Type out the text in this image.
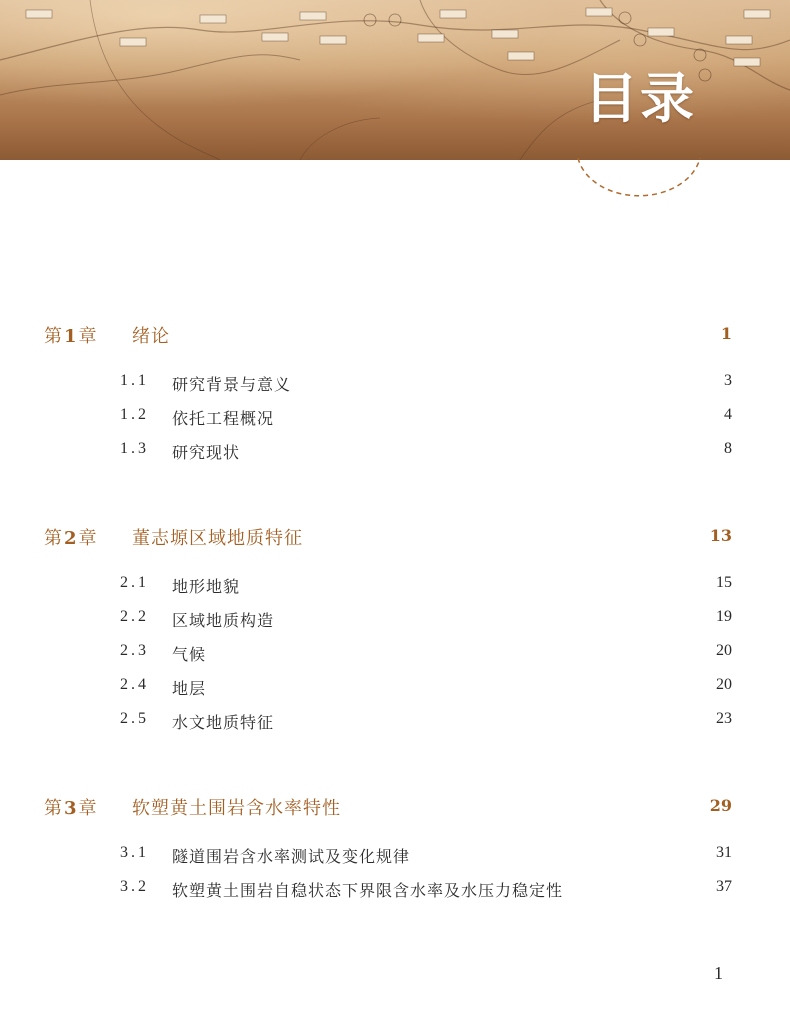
目录
第 1 章 绪论	1
1.1 研究背景与意义	3
1.2 依托工程概况	4
1.3 研究现状	8
第 2 章 董志塬区域地质特征	13
2.1 地形地貌	15
2.2 区域地质构造	19
2.3 气候	20
2.4 地层	20
2.5 水文地质特征	23
第 3 章 软塑黄土围岩含水率特性	29
3.1 隧道围岩含水率测试及变化规律	31
3.2 软塑黄土围岩自稳状态下界限含水率及水压力稳定性	37
1
